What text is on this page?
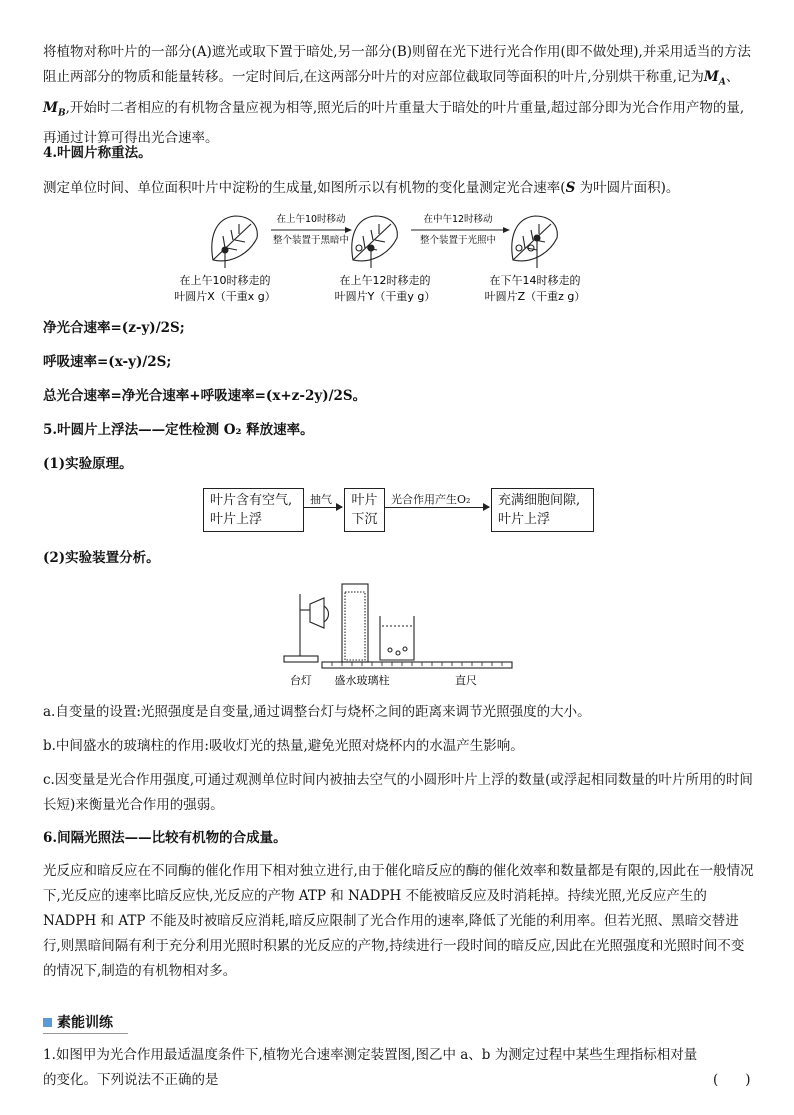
将植物对称叶片的一部分(A)遮光或取下置于暗处,另一部分(B)则留在光下进行光合作用(即不做处理),并采用适当的方法阻止两部分的物质和能量转移。一定时间后,在这两部分叶片的对应部位截取同等面积的叶片,分别烘干称重,记为$M_A$、$M_B$,开始时二者相应的有机物含量应视为相等,照光后的叶片重量大于暗处的叶片重量,超过部分即为光合作用产物的量,再通过计算可得出光合速率。

4.叶圆片称重法。

测定单位时间、单位面积叶片中淀粉的生成量,如图所示以有机物的变化量测定光合速率(S 为叶圆片面积)。

在上午10时移动
整个装置于黑暗中
在中午12时移动
整个装置于光照中
在上午10时移走的
叶圆片X（干重x g）
在上午12时移走的
叶圆片Y（干重y g）
在下午14时移走的
叶圆片Z（干重z g）

净光合速率=(z-y)/2S;

呼吸速率=(x-y)/2S;

总光合速率=净光合速率+呼吸速率=(x+z-2y)/2S。

5.叶圆片上浮法——定性检测 O₂ 释放速率。

(1)实验原理。

叶片含有空气,
叶片上浮
抽气 叶片
下沉
光合作用产生O₂ 充满细胞间隙,
叶片上浮

(2)实验装置分析。

台灯 盛水玻璃柱	直尺

a.自变量的设置:光照强度是自变量,通过调整台灯与烧杯之间的距离来调节光照强度的大小。

b.中间盛水的玻璃柱的作用:吸收灯光的热量,避免光照对烧杯内的水温产生影响。

c.因变量是光合作用强度,可通过观测单位时间内被抽去空气的小圆形叶片上浮的数量(或浮起相同数量的叶片所用的时间长短)来衡量光合作用的强弱。

6.间隔光照法——比较有机物的合成量。

光反应和暗反应在不同酶的催化作用下相对独立进行,由于催化暗反应的酶的催化效率和数量都是有限的,因此在一般情况下,光反应的速率比暗反应快,光反应的产物 ATP 和 NADPH 不能被暗反应及时消耗掉。持续光照,光反应产生的 NADPH 和 ATP 不能及时被暗反应消耗,暗反应限制了光合作用的速率,降低了光能的利用率。但若光照、黑暗交替进行,则黑暗间隔有利于充分利用光照时积累的光反应的产物,持续进行一段时间的暗反应,因此在光照强度和光照时间不变的情况下,制造的有机物相对多。

素能训练

1.如图甲为光合作用最适温度条件下,植物光合速率测定装置图,图乙中 a、b 为测定过程中某些生理指标相对量的变化。下列说法不正确的是	(　　)
